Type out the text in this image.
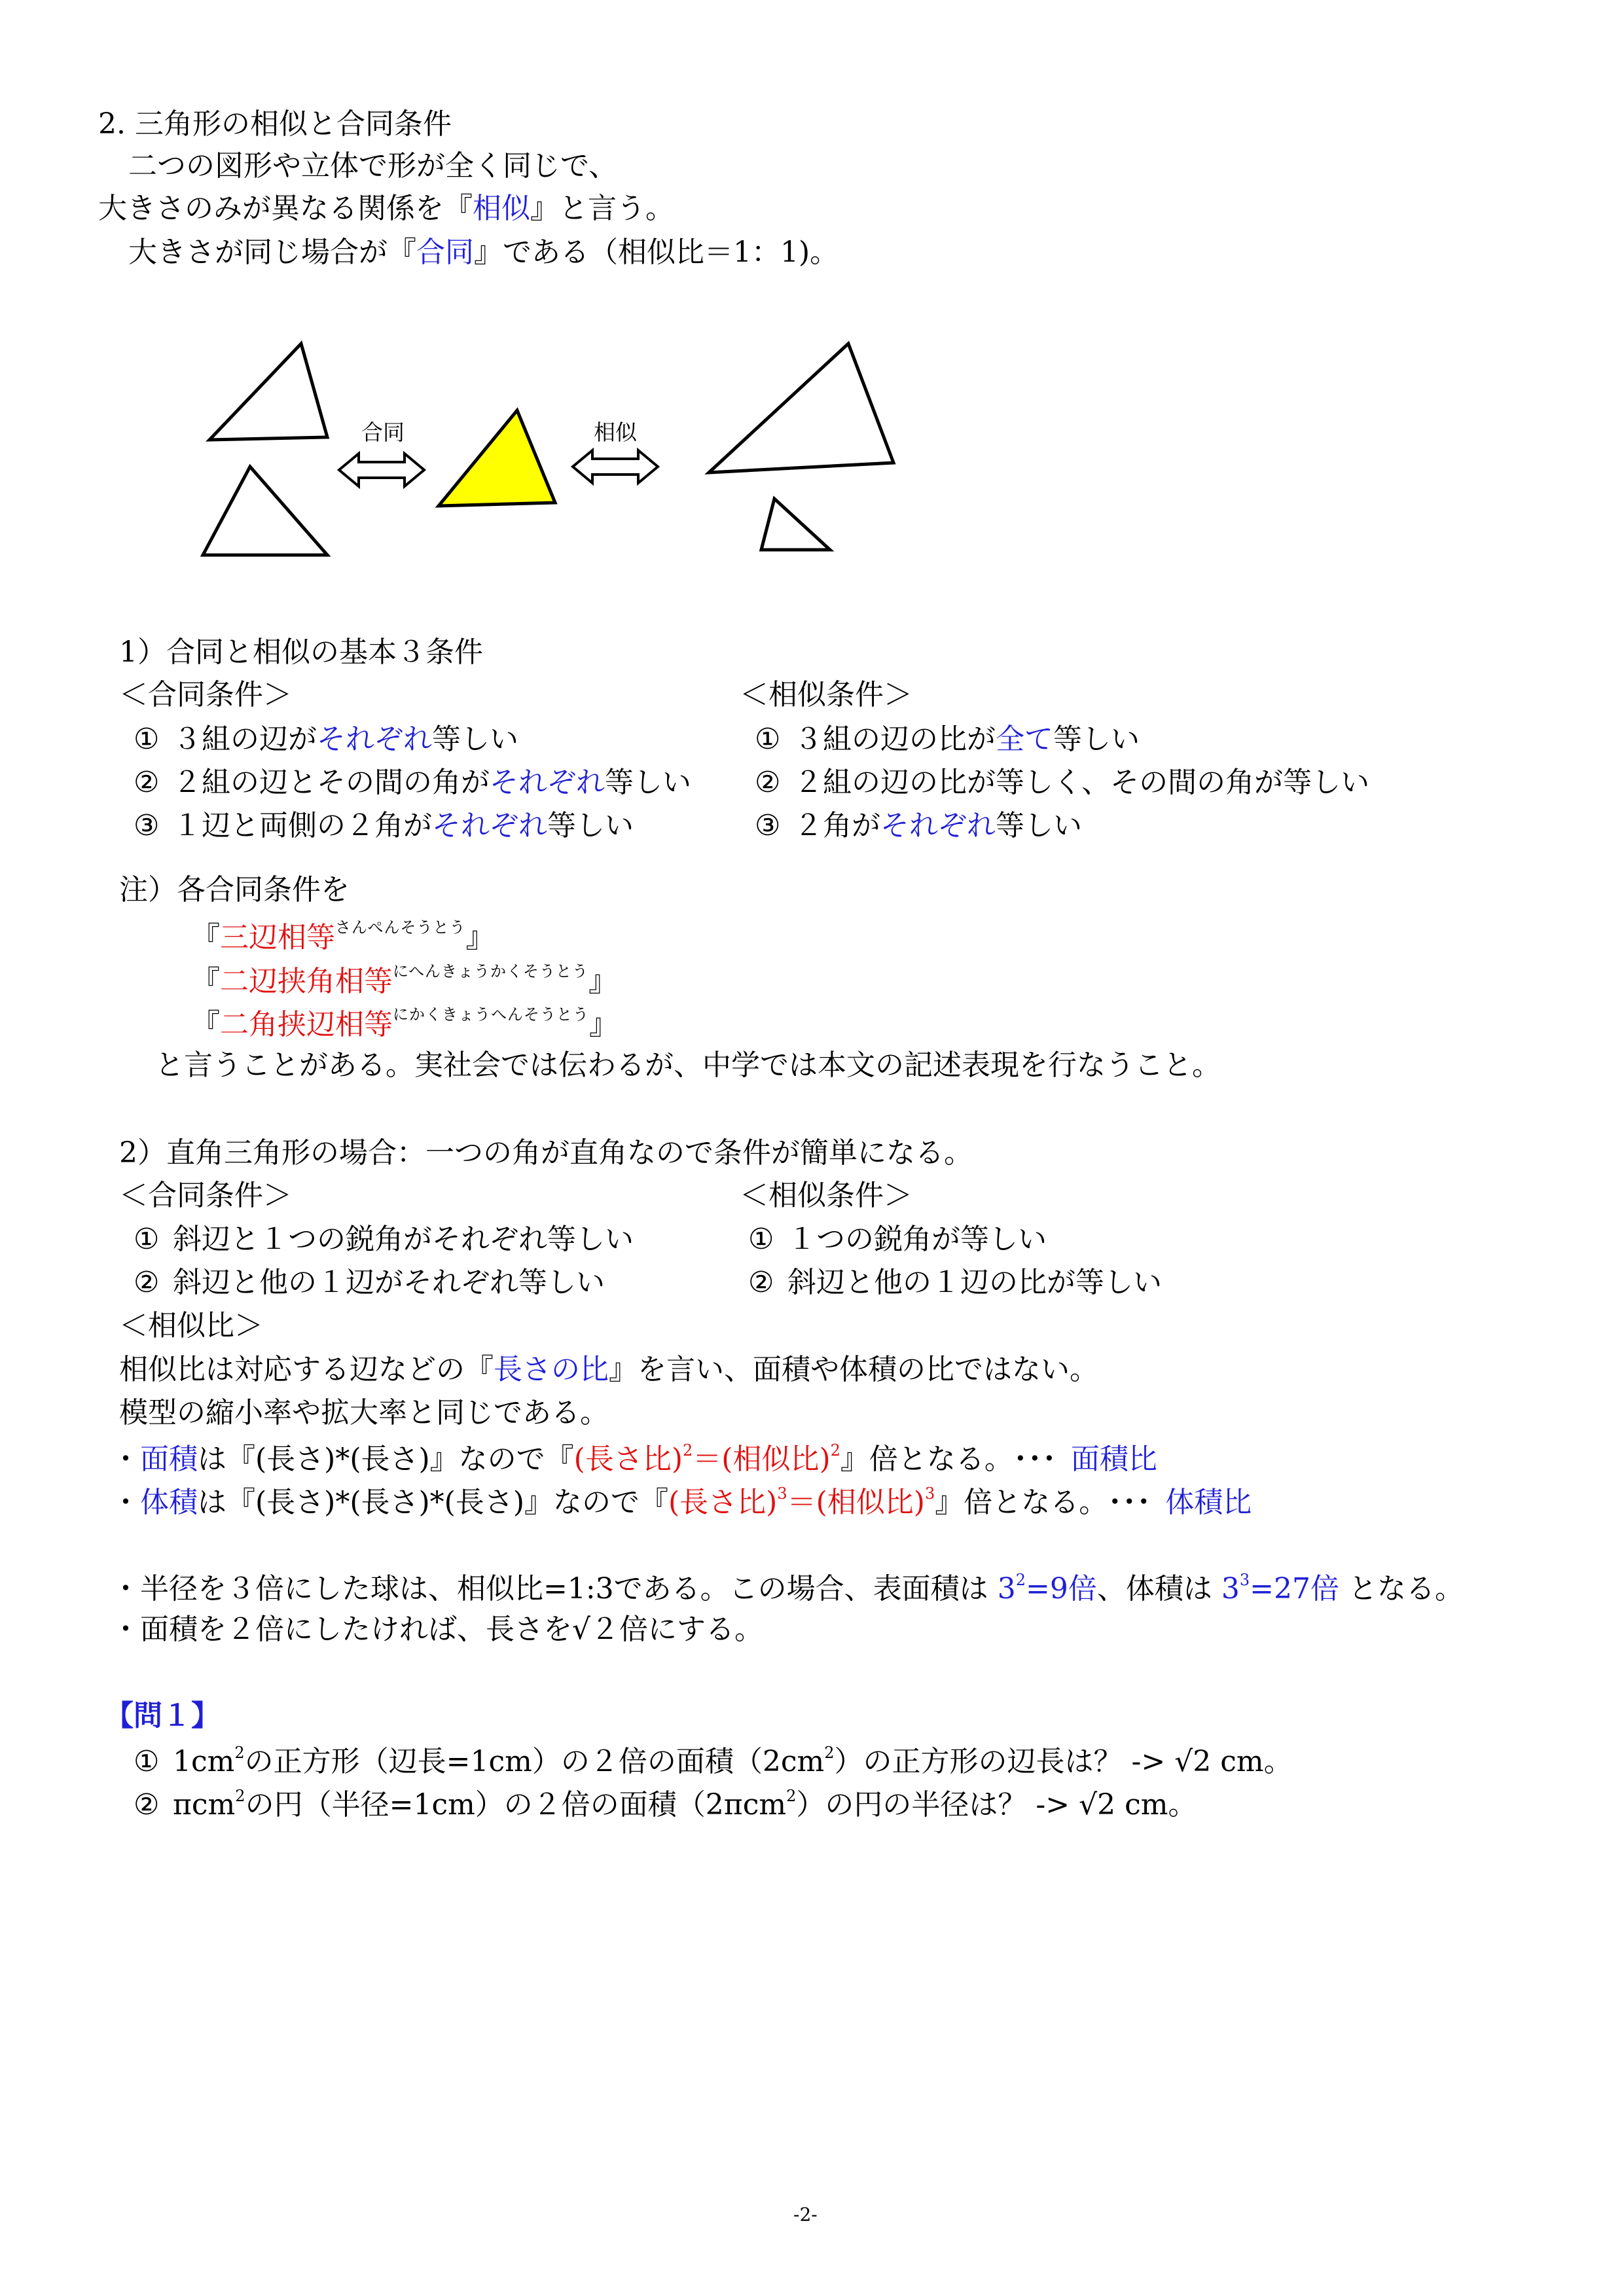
2. 三角形の相似と合同条件
二つの図形や立体で形が全く同じで、
大きさのみが異なる関係を『相似』と言う。
大きさが同じ場合が『合同』である（相似比＝1：1)。
合同	相似
1）合同と相似の基本３条件
＜合同条件＞	＜相似条件＞
① ３組の辺がそれぞれ等しい
② ２組の辺とその間の角がそれぞれ等しい
③ １辺と両側の２角がそれぞれ等しい
① ３組の辺の比が全て等しい
② ２組の辺の比が等しく、その間の角が等しい
③ ２角がそれぞれ等しい
注）各合同条件を
『三辺相等$^{さんぺんそうとう}$』
『二辺挟角相等$^{にへんきょうかくそうとう}$』
『二角挟辺相等$^{にかくきょうへんそうとう}$』
と言うことがある。実社会では伝わるが、中学では本文の記述表現を行なうこと。
2）直角三角形の場合：一つの角が直角なので条件が簡単になる。
＜合同条件＞	＜相似条件＞
① 斜辺と１つの鋭角がそれぞれ等しい
② 斜辺と他の１辺がそれぞれ等しい
① １つの鋭角が等しい
② 斜辺と他の１辺の比が等しい
＜相似比＞
相似比は対応する辺などの『長さの比』を言い、面積や体積の比ではない。
模型の縮小率や拡大率と同じである。
・面積は『(長さ)*(長さ)』なので『(長さ比)$^2$＝(相似比)$^2$』倍となる。･･･ 面積比
・体積は『(長さ)*(長さ)*(長さ)』なので『(長さ比)$^3$＝(相似比)$^3$』倍となる。･･･ 体積比
・半径を３倍にした球は、相似比=1:3である。この場合、表面積は $3^2=9$倍、体積は $3^3=27$倍 となる。
・面積を２倍にしたければ、長さを√２倍にする。
【問１】
① $1cm^2$の正方形（辺長=1cm）の２倍の面積$(2cm^2)$の正方形の辺長は？ -> √2 cm。
② πcm$^2$の円（半径=1cm）の２倍の面積（2πcm$^2$）の円の半径は？ -> √2 cm。
-2-
